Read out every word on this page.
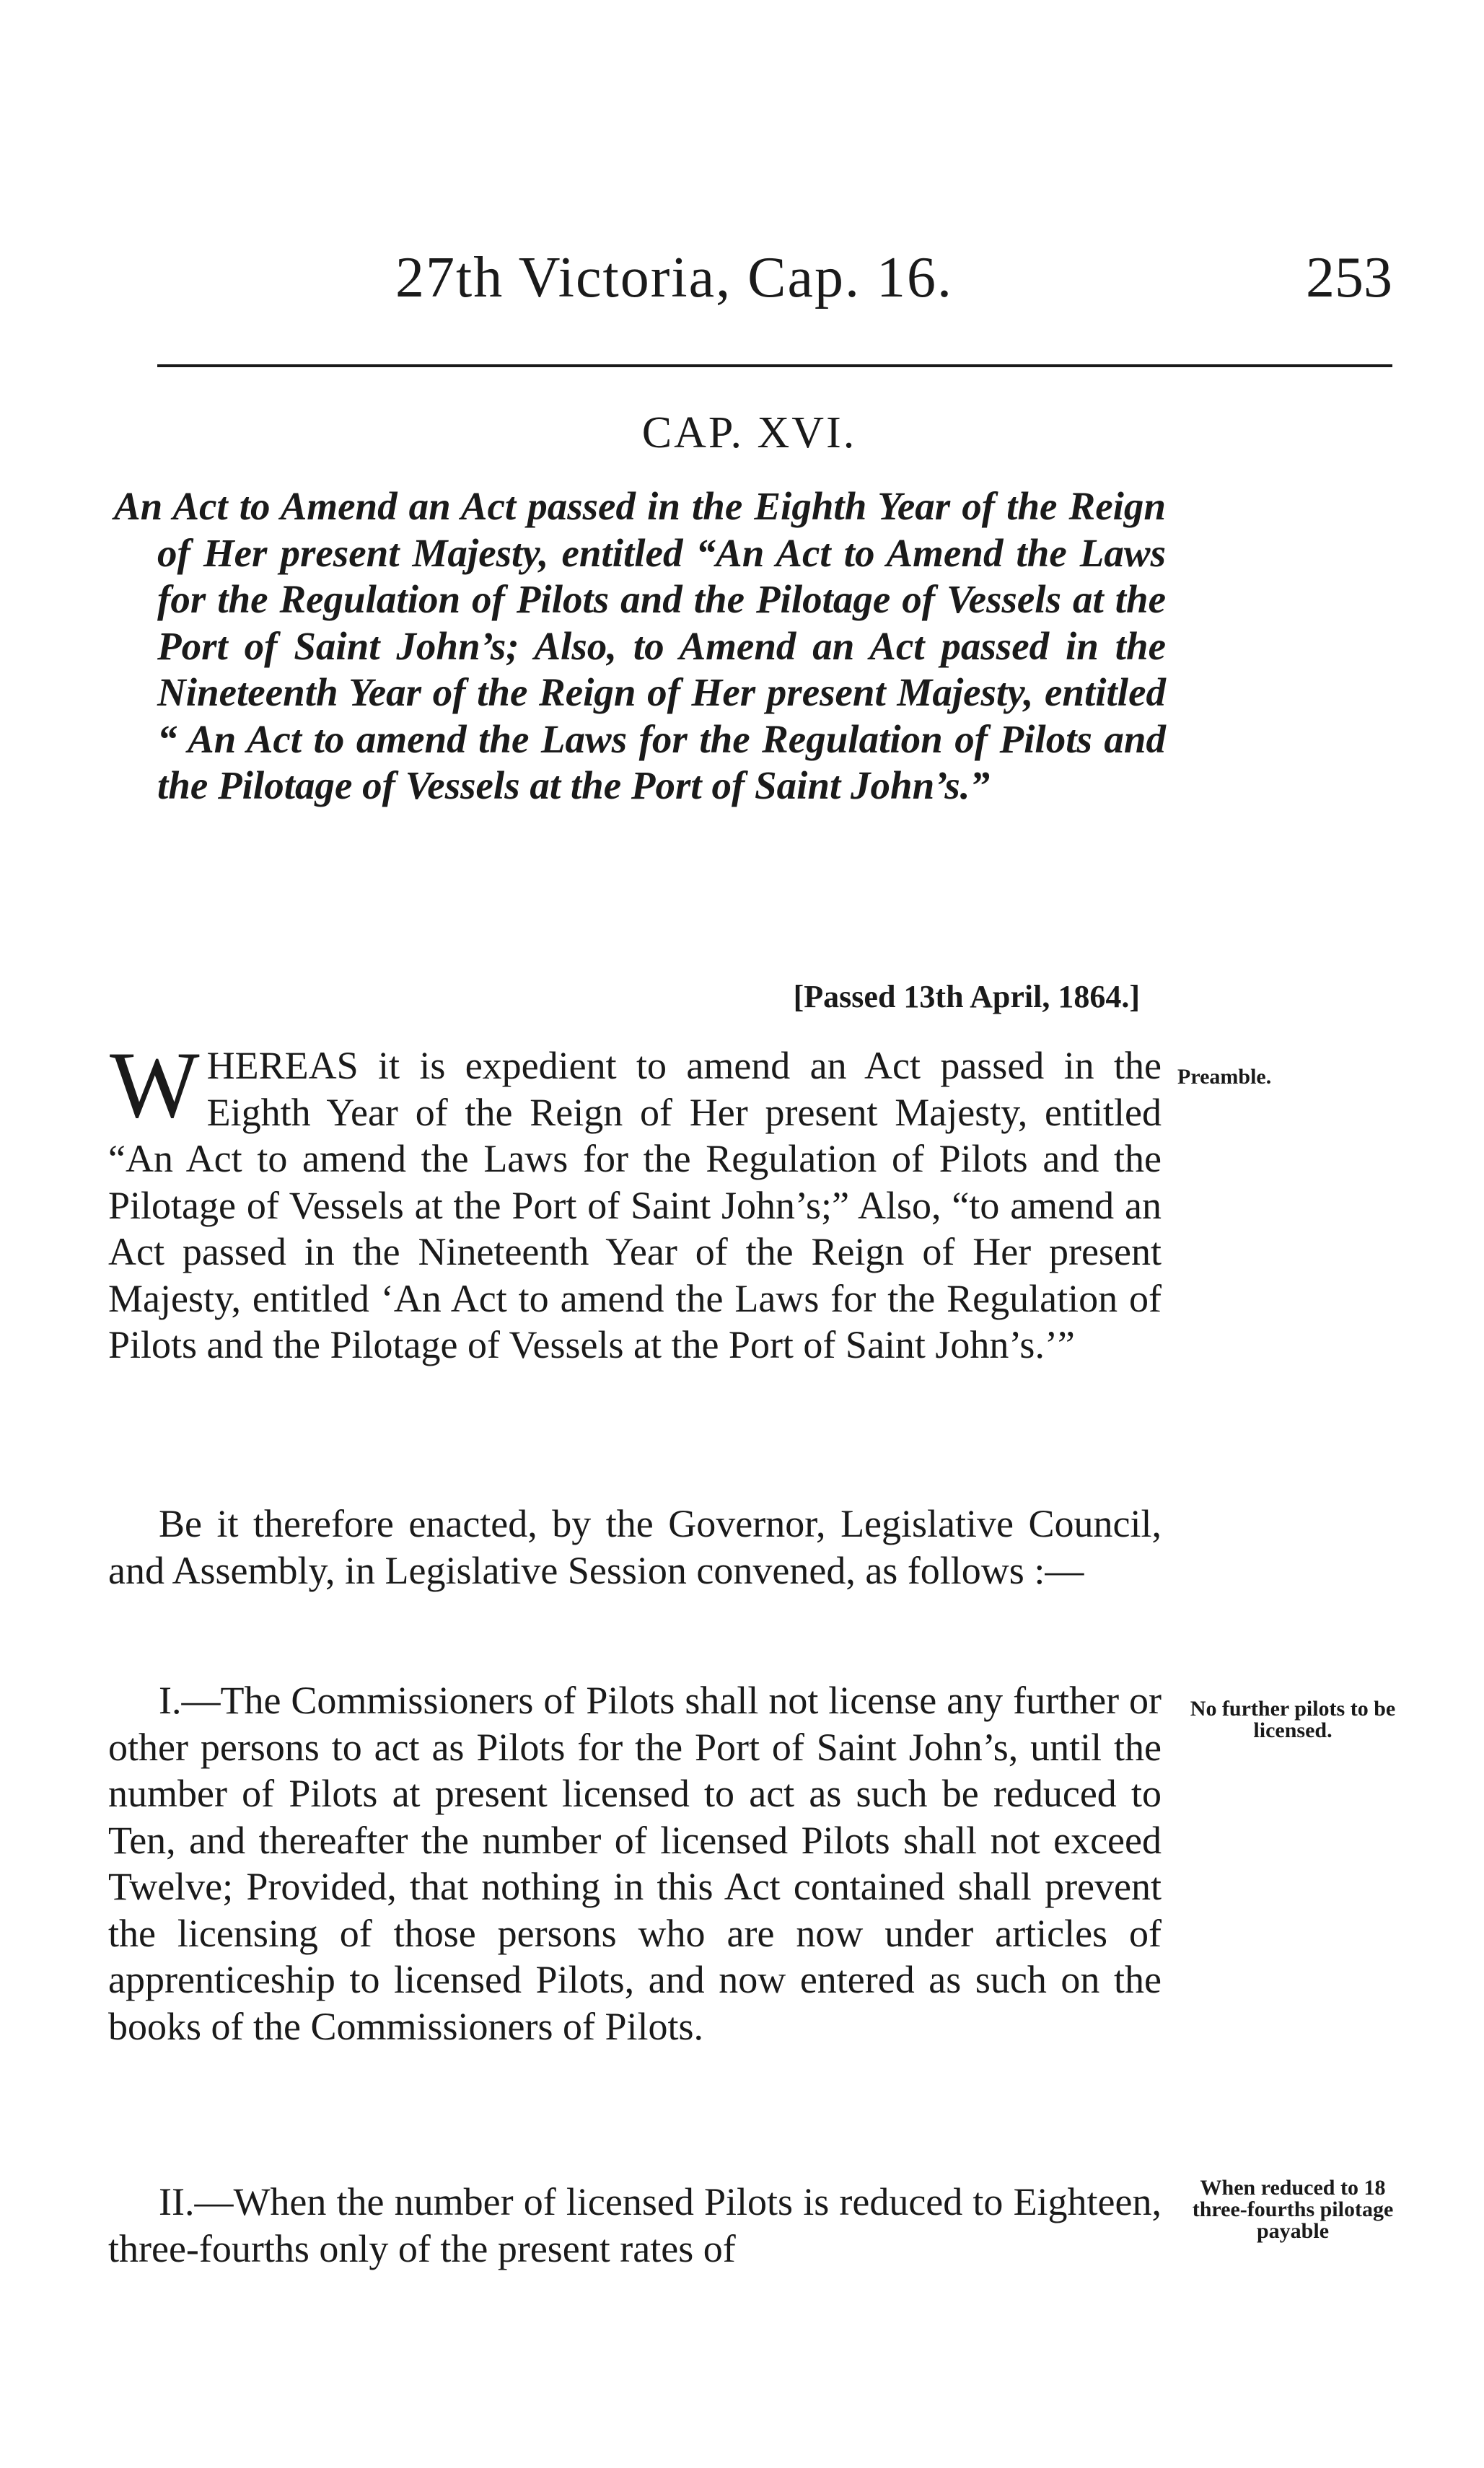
27th Victoria, Cap. 16.	253
CAP. XVI.

An Act to Amend an Act passed in the Eighth Year of the Reign of Her present Majesty, entitled “An Act to Amend the Laws for the Regulation of Pilots and the Pilotage of Vessels at the Port of Saint John’s; Also, to Amend an Act passed in the Nineteenth Year of the Reign of Her present Majesty, entitled “ An Act to amend the Laws for the Regulation of Pilots and the Pilotage of Vessels at the Port of Saint John’s.”

[Passed 13th April, 1864.]
W HEREAS it is expedient to amend an Act passed in the Eighth Year of the Reign of Her present Majesty, entitled “An Act to amend the Laws for the Regulation of Pilots and the Pilotage of Vessels at the Port of Saint John’s;” Also, “to amend an Act passed in the Nineteenth Year of the Reign of Her present Majesty, entitled ‘An Act to amend the Laws for the Regulation of Pilots and the Pilotage of Vessels at the Port of Saint John’s.’”
Preamble.
Be it therefore enacted, by the Governor, Legislative Council, and Assembly, in Legislative Session convened, as follows :—
I.—The Commissioners of Pilots shall not license any further or other persons to act as Pilots for the Port of Saint John’s, until the number of Pilots at present licensed to act as such be reduced to Ten, and thereafter the number of licensed Pilots shall not exceed Twelve; Provided, that nothing in this Act contained shall prevent the licensing of those persons who are now under articles of apprenticeship to licensed Pilots, and now entered as such on the books of the Commissioners of Pilots.
No further pilots to be licensed.
II.—When the number of licensed Pilots is reduced to Eighteen, three-fourths only of the present rates of
When reduced to 18 three-fourths pilotage payable
